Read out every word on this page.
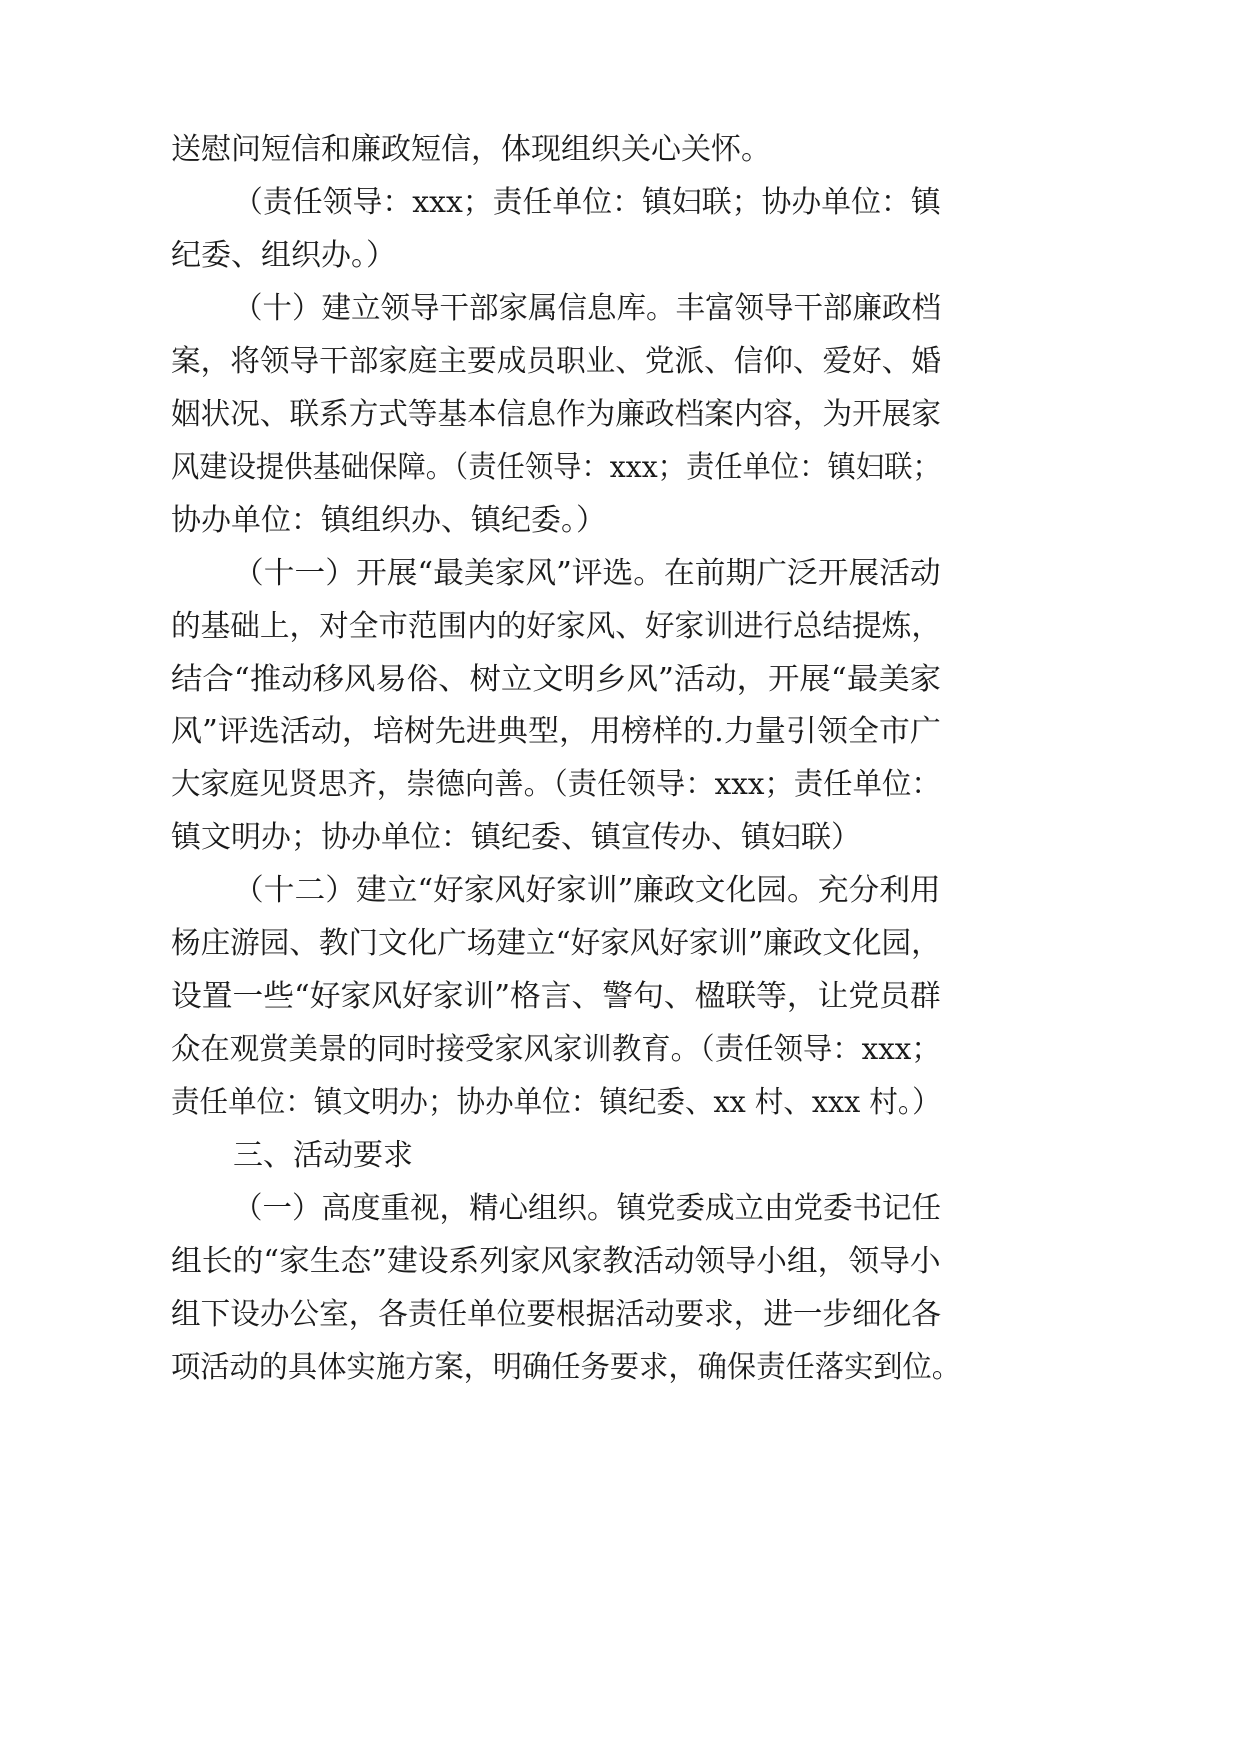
送慰问短信和廉政短信，体现组织关心关怀。

（责任领导：xxx；责任单位：镇妇联；协办单位：镇

纪委、组织办。）

（十）建立领导干部家属信息库。丰富领导干部廉政档

案，将领导干部家庭主要成员职业、党派、信仰、爱好、婚

姻状况、联系方式等基本信息作为廉政档案内容，为开展家

风建设提供基础保障。（责任领导：xxx；责任单位：镇妇联；

协办单位：镇组织办、镇纪委。）

（十一）开展“最美家风”评选。在前期广泛开展活动

的基础上，对全市范围内的好家风、好家训进行总结提炼，

结合“推动移风易俗、树立文明乡风”活动，开展“最美家

风”评选活动，培树先进典型，用榜样的.力量引领全市广

大家庭见贤思齐，崇德向善。（责任领导：xxx；责任单位：

镇文明办；协办单位：镇纪委、镇宣传办、镇妇联）

（十二）建立“好家风好家训”廉政文化园。充分利用

杨庄游园、教门文化广场建立“好家风好家训”廉政文化园，

设置一些“好家风好家训”格言、警句、楹联等，让党员群

众在观赏美景的同时接受家风家训教育。（责任领导：xxx；

责任单位：镇文明办；协办单位：镇纪委、xx 村、xxx 村。）

三、活动要求

（一）高度重视，精心组织。镇党委成立由党委书记任

组长的“家生态”建设系列家风家教活动领导小组，领导小

组下设办公室，各责任单位要根据活动要求，进一步细化各

项活动的具体实施方案，明确任务要求，确保责任落实到位。
